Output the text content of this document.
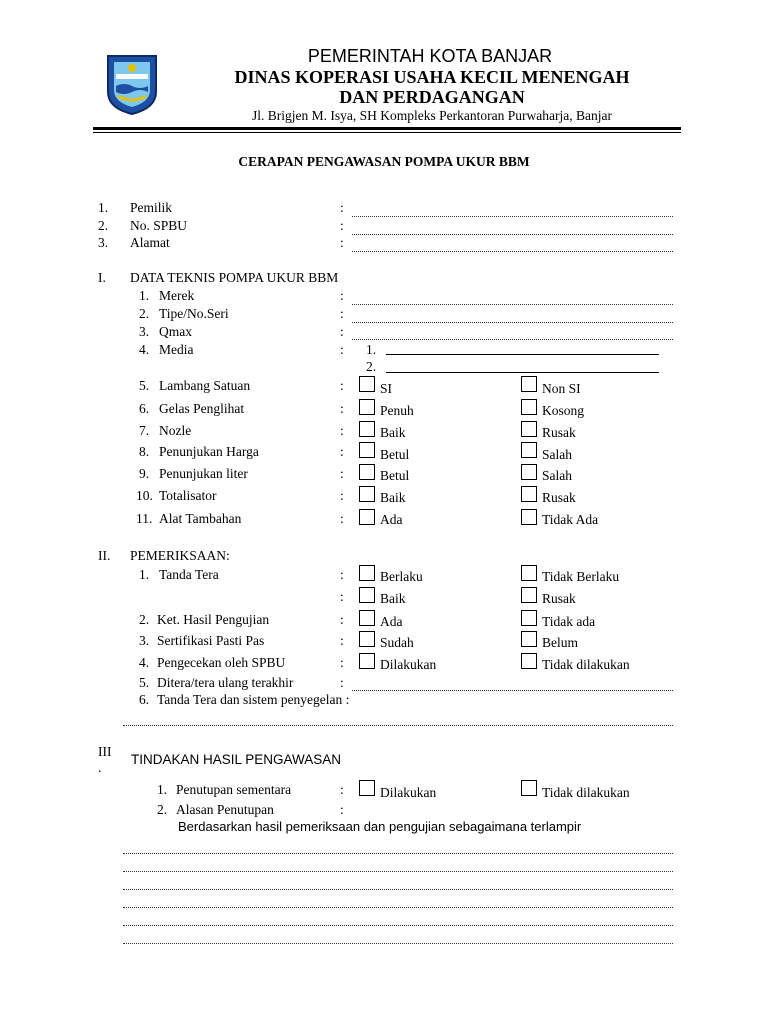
PEMERINTAH KOTA BANJAR
DINAS KOPERASI USAHA KECIL MENENGAH
DAN PERDAGANGAN
Jl. Brigjen M. Isya, SH Kompleks Perkantoran Purwaharja, Banjar
CERAPAN PENGAWASAN POMPA UKUR BBM
1. Pemilik	:
2. No. SPBU	:
3. Alamat	:
I. DATA TEKNIS POMPA UKUR BBM
1. Merek	:
2. Tipe/No.Seri	:
3. Qmax	:
4. Media	: 1.
2.
5. Lambang Satuan	:	SI	Non SI
6. Gelas Penglihat	:	Penuh	Kosong
7. Nozle	:	Baik	Rusak
8. Penunjukan Harga	:	Betul	Salah
9. Penunjukan liter	:	Betul	Salah
10. Totalisator	:	Baik	Rusak
11. Alat Tambahan	:	Ada	Tidak Ada
II. PEMERIKSAAN:
1. Tanda Tera	:	Berlaku	Tidak Berlaku
:	Baik	Rusak
2. Ket. Hasil Pengujian	:	Ada	Tidak ada
3. Sertifikasi Pasti Pas	:	Sudah	Belum
4. Pengecekan oleh SPBU	:	Dilakukan	Tidak dilakukan
5. Ditera/tera ulang terakhir	:
6. Tanda Tera dan sistem penyegelan :
III
.
TINDAKAN HASIL PENGAWASAN
1. Penutupan sementara	:	Dilakukan	Tidak dilakukan
2. Alasan Penutupan	:
Berdasarkan hasil pemeriksaan dan pengujian sebagaimana terlampir
